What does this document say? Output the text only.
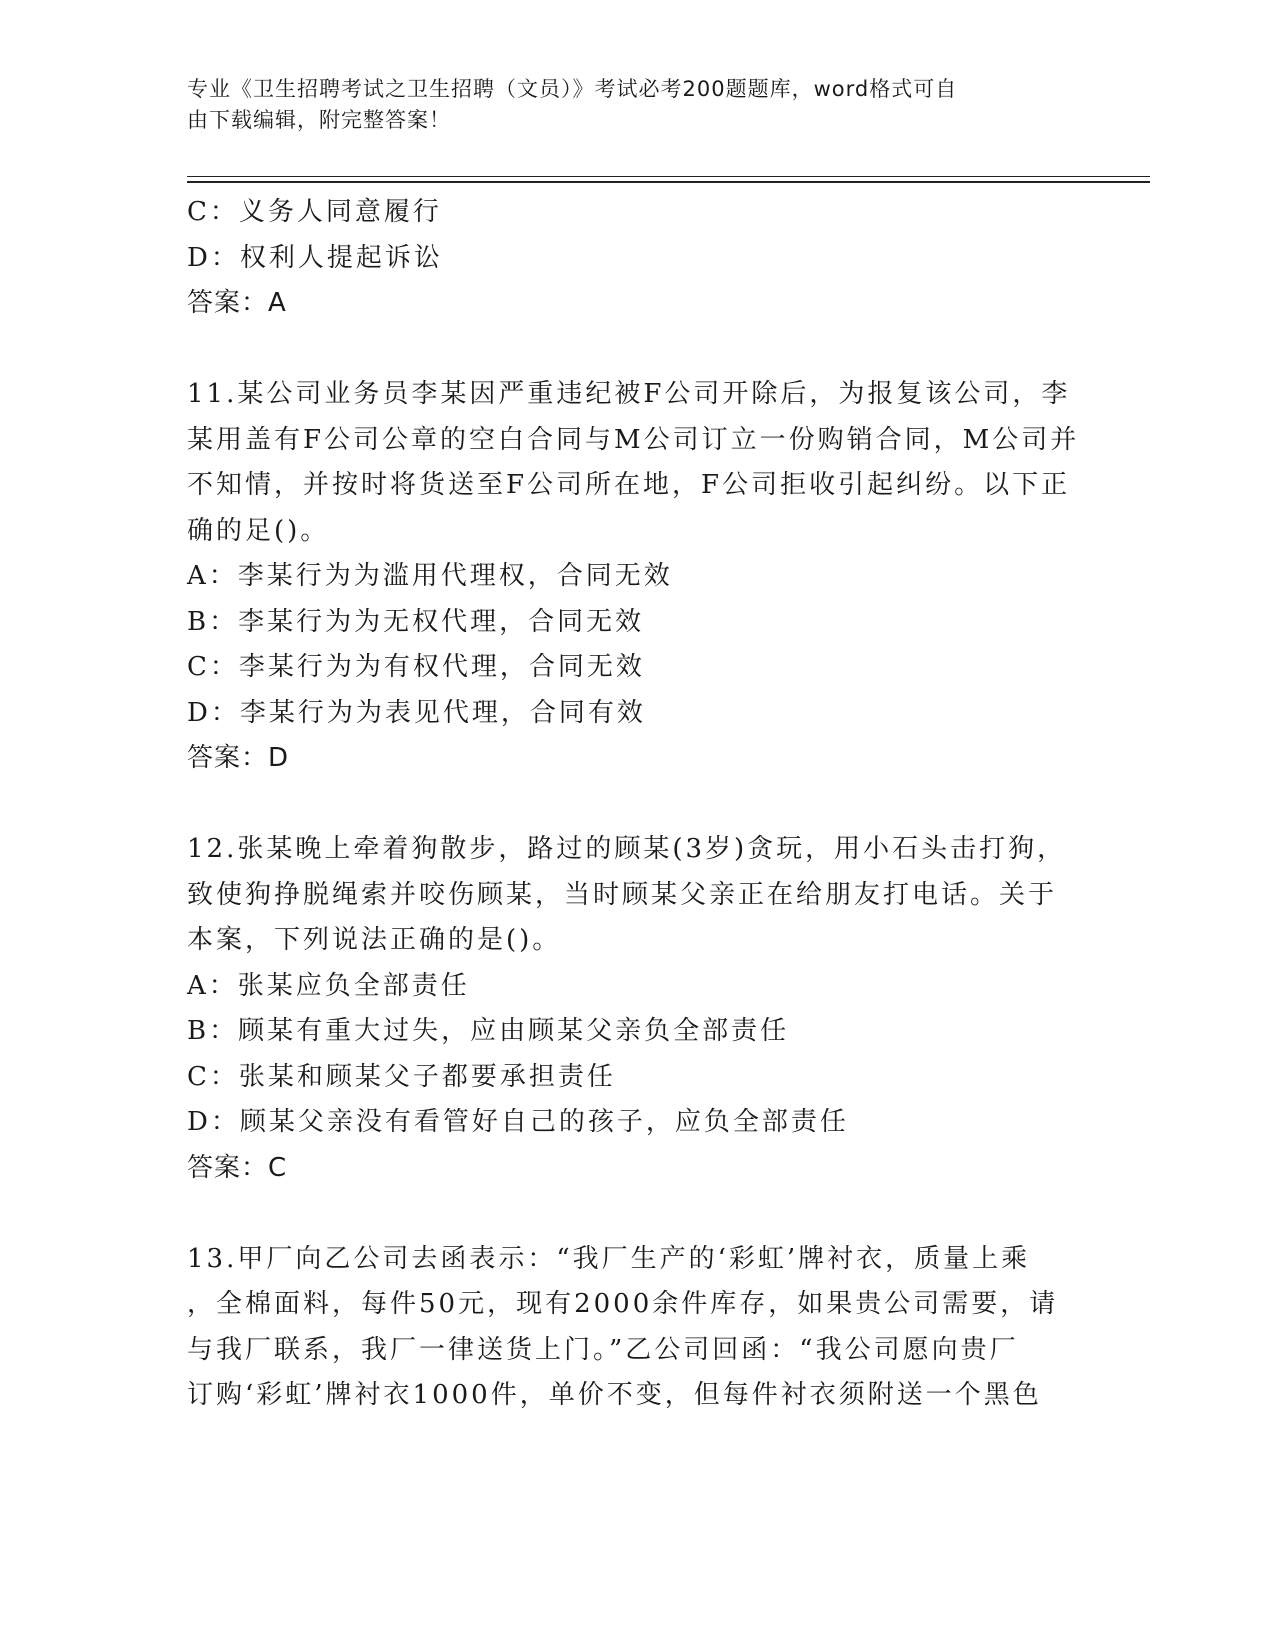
专业《卫生招聘考试之卫生招聘（文员）》考试必考200题题库，word格式可自
由下载编辑，附完整答案！
C：义务人同意履行
D：权利人提起诉讼
答案：A
11.某公司业务员李某因严重违纪被F公司开除后，为报复该公司，李
某用盖有F公司公章的空白合同与M公司订立一份购销合同，M公司并
不知情，并按时将货送至F公司所在地，F公司拒收引起纠纷。以下正
确的足()。
A：李某行为为滥用代理权，合同无效
B：李某行为为无权代理，合同无效
C：李某行为为有权代理，合同无效
D：李某行为为表见代理，合同有效
答案：D
12.张某晚上牵着狗散步，路过的顾某(3岁)贪玩，用小石头击打狗，
致使狗挣脱绳索并咬伤顾某，当时顾某父亲正在给朋友打电话。关于
本案，下列说法正确的是()。
A：张某应负全部责任
B：顾某有重大过失，应由顾某父亲负全部责任
C：张某和顾某父子都要承担责任
D：顾某父亲没有看管好自己的孩子，应负全部责任
答案：C
13.甲厂向乙公司去函表示：“我厂生产的‘彩虹’牌衬衣，质量上乘
，全棉面料，每件50元，现有2000余件库存，如果贵公司需要，请
与我厂联系，我厂一律送货上门。”乙公司回函：“我公司愿向贵厂
订购‘彩虹’牌衬衣1000件，单价不变，但每件衬衣须附送一个黑色
